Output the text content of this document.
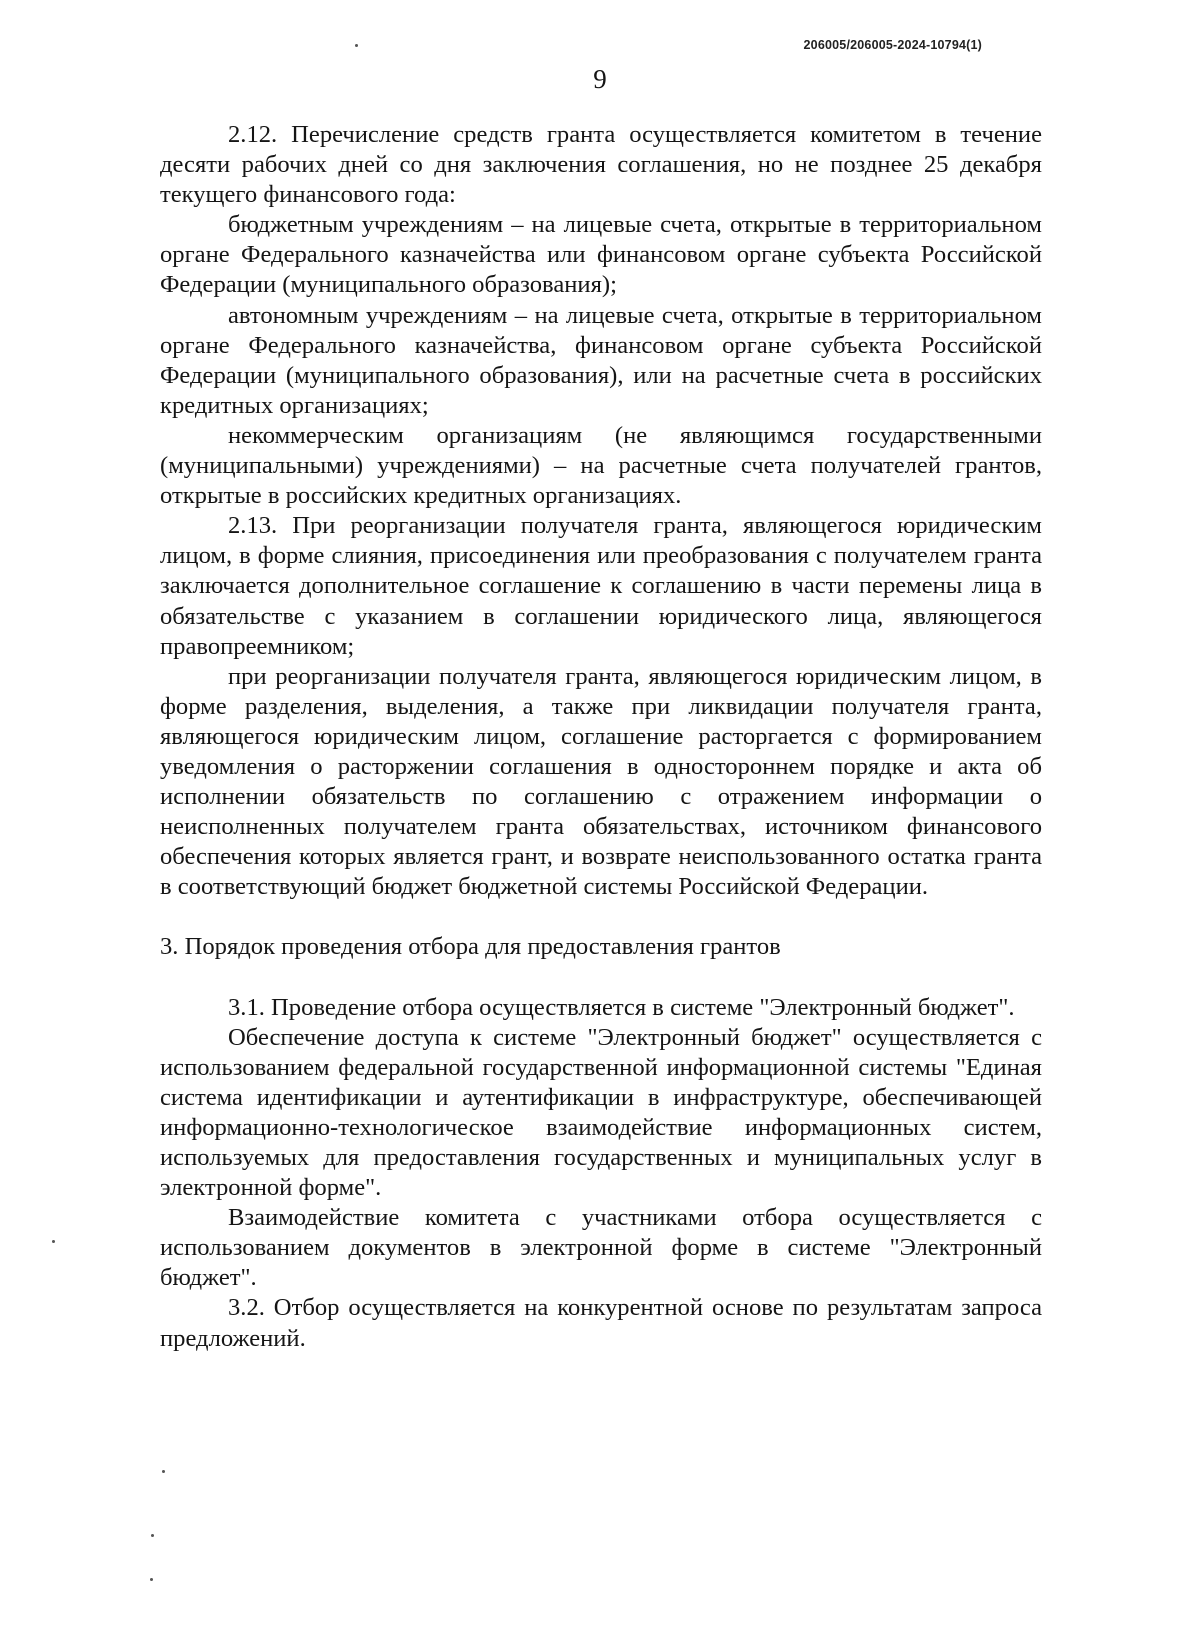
206005/206005-2024-10794(1)
9

2.12. Перечисление средств гранта осуществляется комитетом в течение десяти рабочих дней со дня заключения соглашения, но не позднее 25 декабря текущего финансового года:

бюджетным учреждениям – на лицевые счета, открытые в территориальном органе Федерального казначейства или финансовом органе субъекта Российской Федерации (муниципального образования);

автономным учреждениям – на лицевые счета, открытые в территориальном органе Федерального казначейства, финансовом органе субъекта Российской Федерации (муниципального образования), или на расчетные счета в российских кредитных организациях;

некоммерческим организациям (не являющимся государственными (муниципальными) учреждениями) – на расчетные счета получателей грантов, открытые в российских кредитных организациях.

2.13. При реорганизации получателя гранта, являющегося юридическим лицом, в форме слияния, присоединения или преобразования с получателем гранта заключается дополнительное соглашение к соглашению в части перемены лица в обязательстве с указанием в соглашении юридического лица, являющегося правопреемником;

при реорганизации получателя гранта, являющегося юридическим лицом, в форме разделения, выделения, а также при ликвидации получателя гранта, являющегося юридическим лицом, соглашение расторгается с формированием уведомления о расторжении соглашения в одностороннем порядке и акта об исполнении обязательств по соглашению с отражением информации о неисполненных получателем гранта обязательствах, источником финансового обеспечения которых является грант, и возврате неиспользованного остатка гранта в соответствующий бюджет бюджетной системы Российской Федерации.

3. Порядок проведения отбора для предоставления грантов

3.1. Проведение отбора осуществляется в системе "Электронный бюджет".

Обеспечение доступа к системе "Электронный бюджет" осуществляется с использованием федеральной государственной информационной системы "Единая система идентификации и аутентификации в инфраструктуре, обеспечивающей информационно-технологическое взаимодействие информационных систем, используемых для предоставления государственных и муниципальных услуг в электронной форме".

Взаимодействие комитета с участниками отбора осуществляется с использованием документов в электронной форме в системе "Электронный бюджет".

3.2. Отбор осуществляется на конкурентной основе по результатам запроса предложений.
